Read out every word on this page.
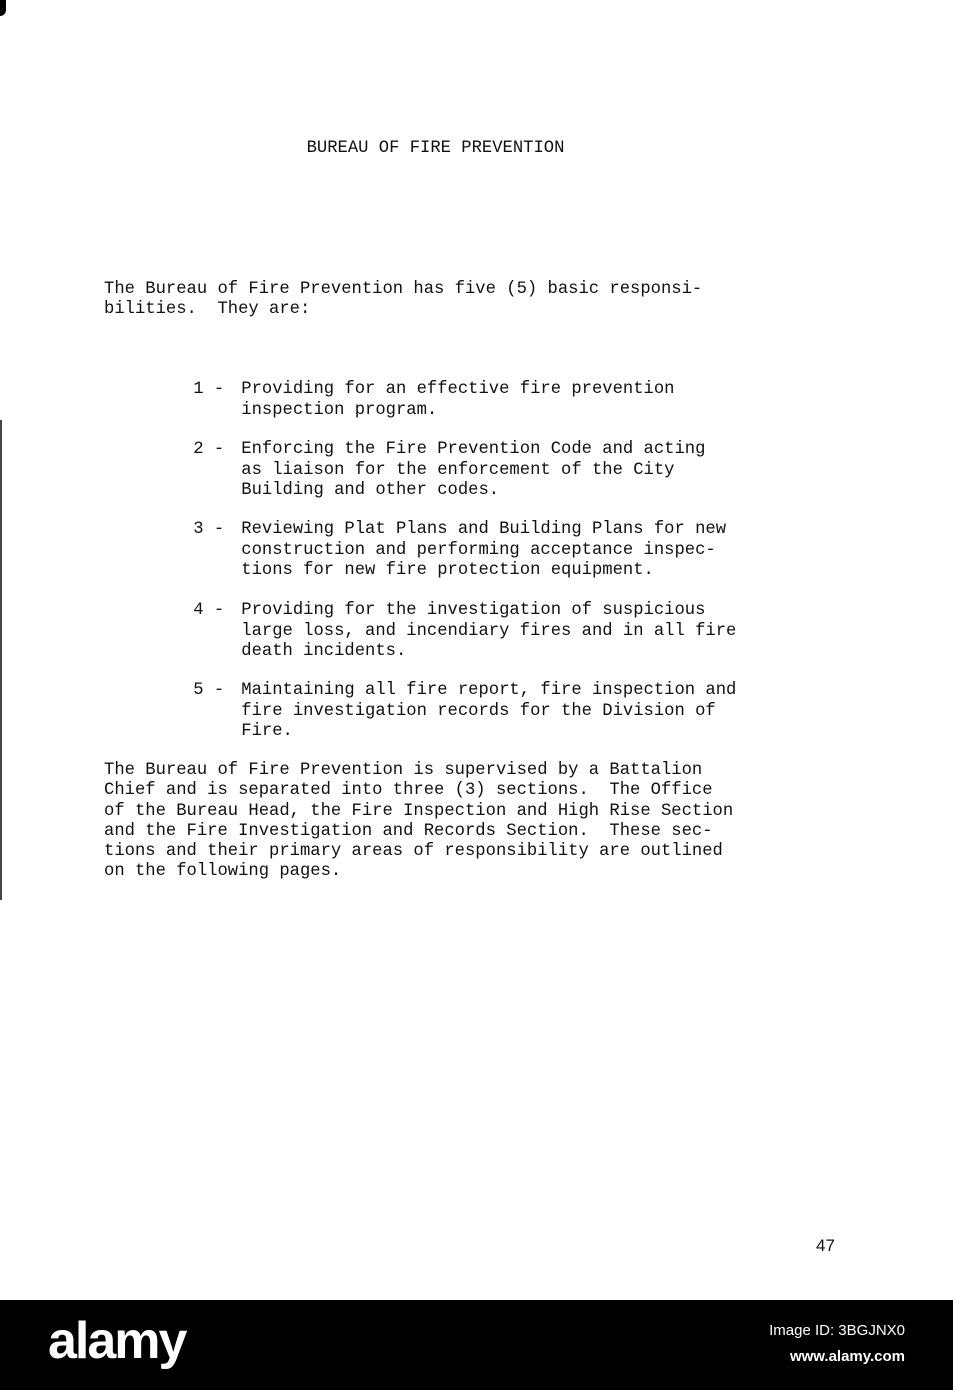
BUREAU OF FIRE PREVENTION
The Bureau of Fire Prevention has five (5) basic responsi-
bilities.  They are:

1 - Providing for an effective fire prevention
inspection program.

2 - Enforcing the Fire Prevention Code and acting
as liaison for the enforcement of the City
Building and other codes.

3 - Reviewing Plat Plans and Building Plans for new
construction and performing acceptance inspec-
tions for new fire protection equipment.

4 - Providing for the investigation of suspicious
large loss, and incendiary fires and in all fire
death incidents.

5 - Maintaining all fire report, fire inspection and
fire investigation records for the Division of
Fire.

The Bureau of Fire Prevention is supervised by a Battalion
Chief and is separated into three (3) sections.  The Office
of the Bureau Head, the Fire Inspection and High Rise Section
and the Fire Investigation and Records Section.  These sec-
tions and their primary areas of responsibility are outlined
on the following pages.
47
alamy	Image ID: 3BGJNX0
www.alamy.com
